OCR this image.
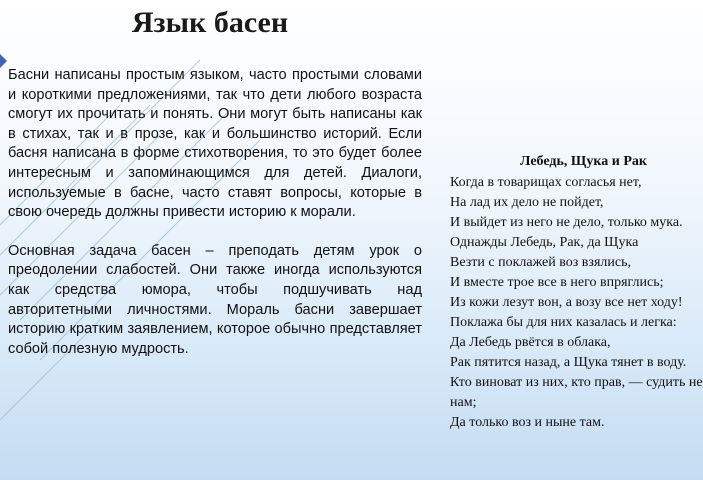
Язык басен

Басни написаны простым языком, часто простыми словами и короткими предложениями, так что дети любого возраста смогут их прочитать и понять. Они могут быть написаны как в стихах, так и в прозе, как и большинство историй. Если басня написана в форме стихотворения, то это будет более интересным и запоминающимся для детей. Диалоги, используемые в басне, часто ставят вопросы, которые в свою очередь должны привести историю к морали.

Основная задача басен – преподать детям урок о преодолении слабостей. Они также иногда используются как средства юмора, чтобы подшучивать над авторитетными личностями. Мораль басни завершает историю кратким заявлением, которое обычно представляет собой полезную мудрость.

Лебедь, Щука и Рак
Когда в товарищах согласья нет,
На лад их дело не пойдет,
И выйдет из него не дело, только мука.
Однажды Лебедь, Рак, да Щука
Везти с поклажей воз взялись,
И вместе трое все в него впряглись;
Из кожи лезут вон, а возу все нет ходу!
Поклажа бы для них казалась и легка:
Да Лебедь рвётся в облака,
Рак пятится назад, а Щука тянет в воду.
Кто виноват из них, кто прав, — судить не
нам;
Да только воз и ныне там.
